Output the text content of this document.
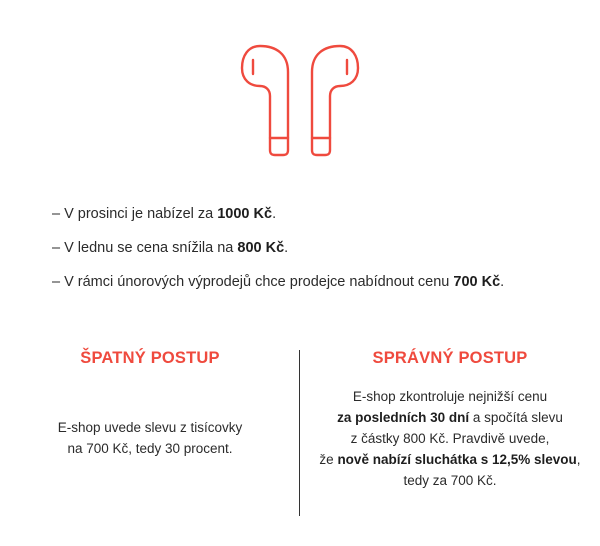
– V prosinci je nabízel za 1000 Kč.
– V lednu se cena snížila na 800 Kč.
– V rámci únorových výprodejů chce prodejce nabídnout cenu 700 Kč.
ŠPATNÝ POSTUP
E-shop uvede slevu z tisícovky
na 700 Kč, tedy 30 procent.
SPRÁVNÝ POSTUP
E-shop zkontroluje nejnižší cenu
za posledních 30 dní a spočítá slevu
z částky 800 Kč. Pravdivě uvede,
že nově nabízí sluchátka s 12,5% slevou,
tedy za 700 Kč.
